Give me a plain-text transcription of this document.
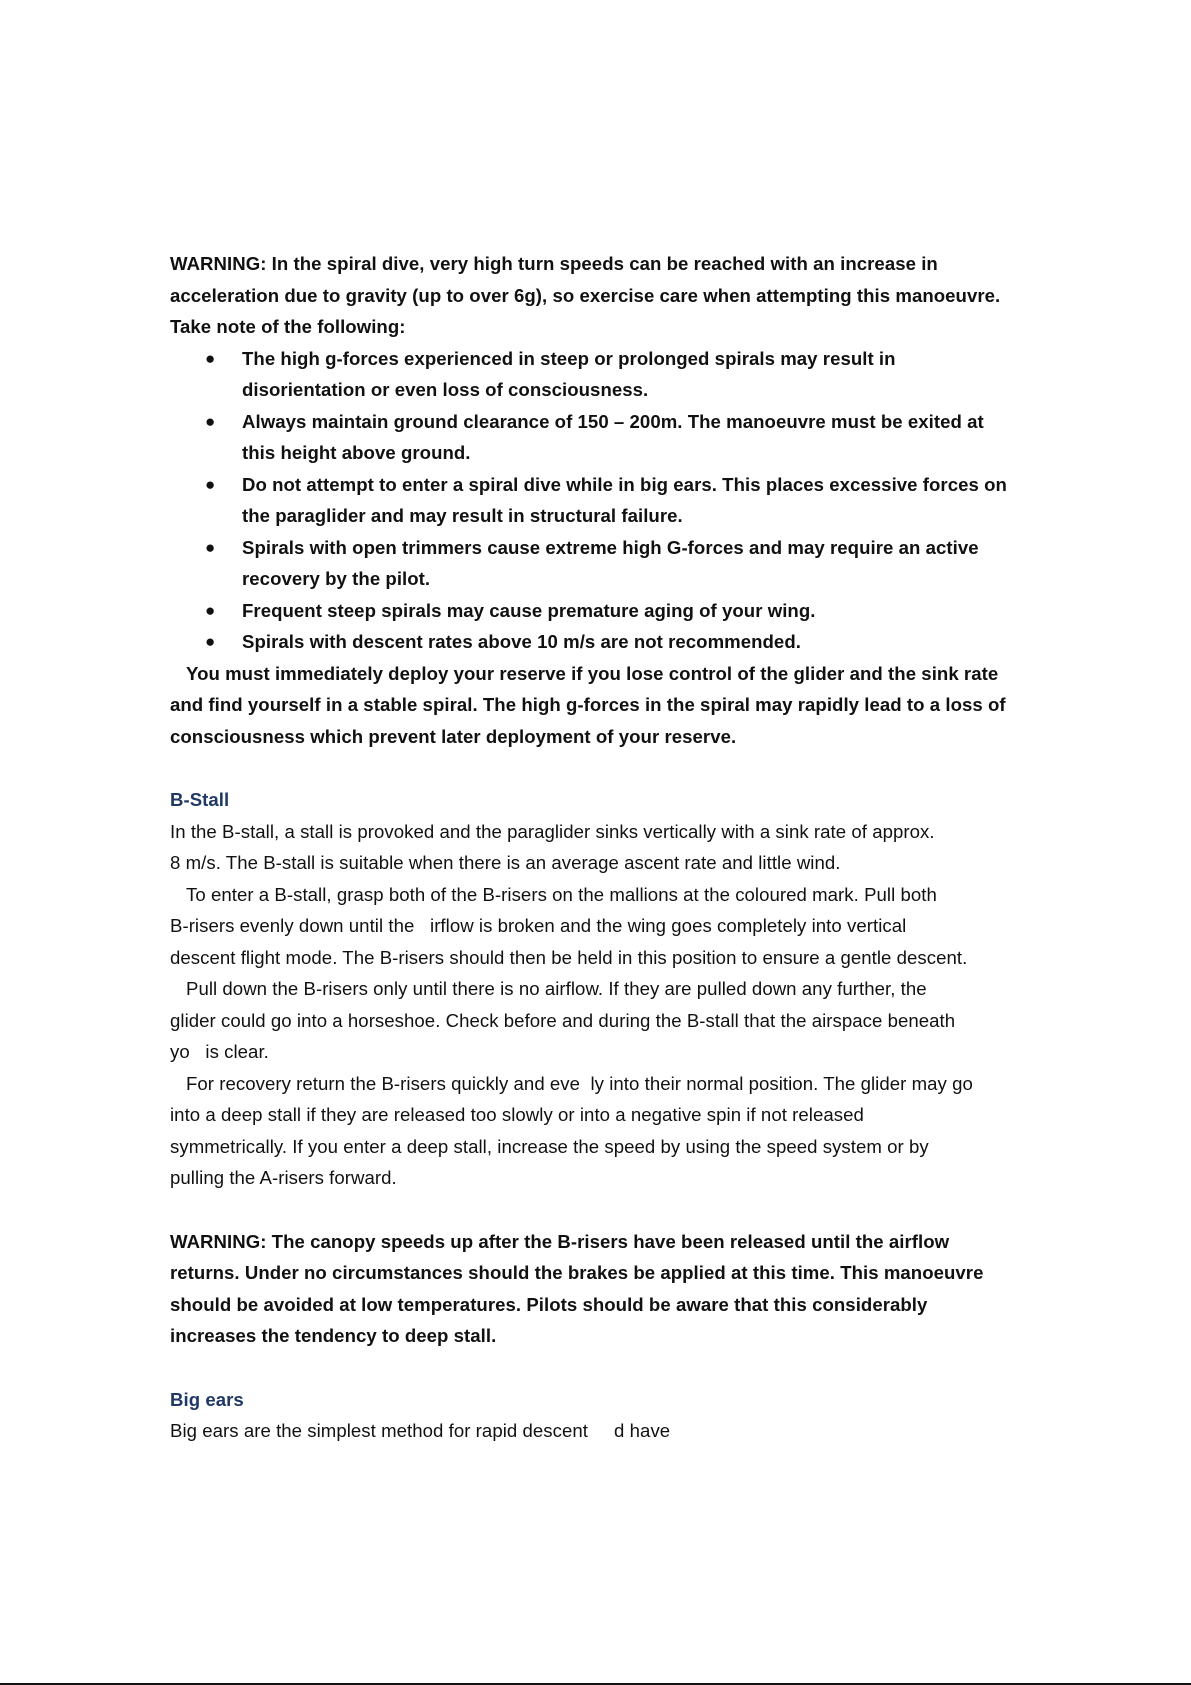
WARNING: In the spiral dive, very high turn speeds can be reached with an increase in
acceleration due to gravity (up to over 6g), so exercise care when attempting this manoeuvre.
Take note of the following:
● The high g-forces experienced in steep or prolonged spirals may result in
disorientation or even loss of consciousness.
● Always maintain ground clearance of 150 – 200m. The manoeuvre must be exited at
this height above ground.
● Do not attempt to enter a spiral dive while in big ears. This places excessive forces on
the paraglider and may result in structural failure.
● Spirals with open trimmers cause extreme high G-forces and may require an active
recovery by the pilot.
● Frequent steep spirals may cause premature aging of your wing.
● Spirals with descent rates above 10 m/s are not recommended.
You must immediately deploy your reserve if you lose control of the glider and the sink rate
and find yourself in a stable spiral. The high g-forces in the spiral may rapidly lead to a loss of
consciousness which prevent later deployment of your reserve.
B-Stall
In the B-stall, a stall is provoked and the paraglider sinks vertically with a sink rate of approx.
8 m/s. The B-stall is suitable when there is an average ascent rate and little wind.
To enter a B-stall, grasp both of the B-risers on the mallions at the coloured mark. Pull both
B-risers evenly down until the   irflow is broken and the wing goes completely into vertical
descent flight mode. The B-risers should then be held in this position to ensure a gentle descent.
Pull down the B-risers only until there is no airflow. If they are pulled down any further, the
glider could go into a horseshoe. Check before and during the B-stall that the airspace beneath
yo   is clear.
For recovery return the B-risers quickly and eve  ly into their normal position. The glider may go
into a deep stall if they are released too slowly or into a negative spin if not released
symmetrically. If you enter a deep stall, increase the speed by using the speed system or by
pulling the A-risers forward.
WARNING: The canopy speeds up after the B-risers have been released until the airflow
returns. Under no circumstances should the brakes be applied at this time. This manoeuvre
should be avoided at low temperatures. Pilots should be aware that this considerably
increases the tendency to deep stall.
Big ears
Big ears are the simplest method for rapid descent     d have
